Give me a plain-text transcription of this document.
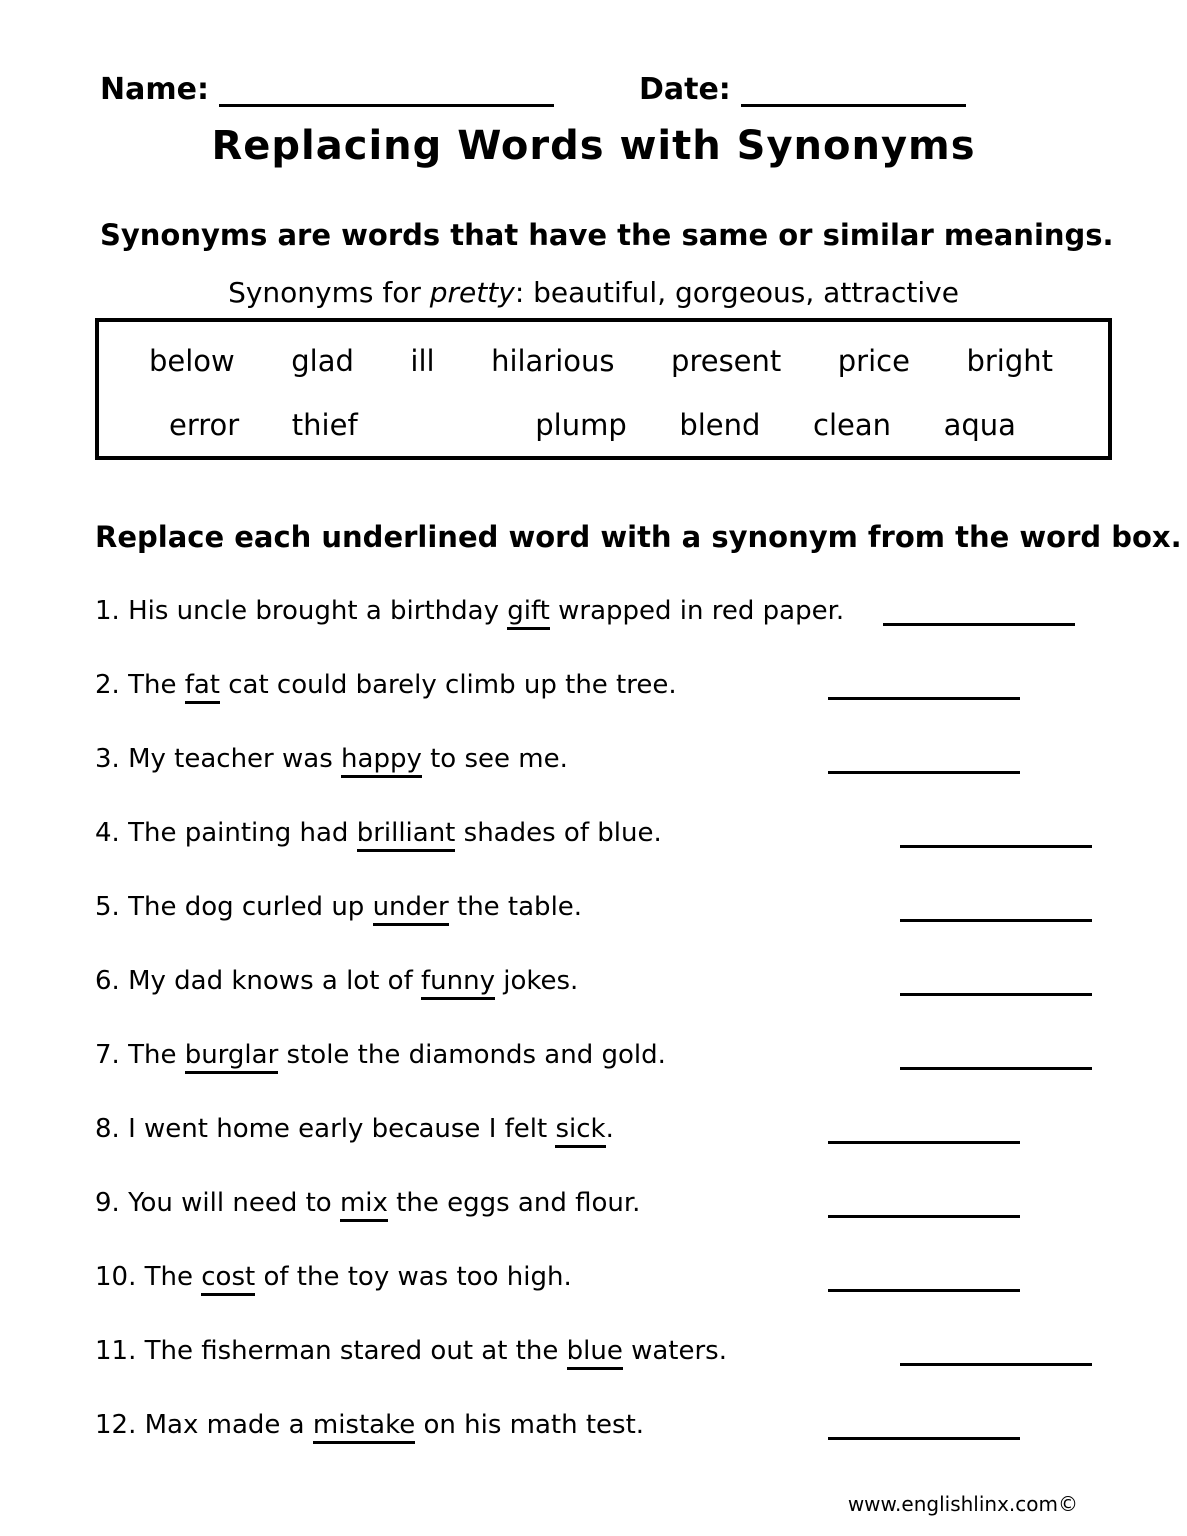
Name:	Date:
Replacing Words with Synonyms
Synonyms are words that have the same or similar meanings.
Synonyms for pretty: beautiful, gorgeous, attractive
below glad ill hilarious present price bright
error thief	plump blend clean aqua
Replace each underlined word with a synonym from the word box.
1. His uncle brought a birthday gift wrapped in red paper.
2. The fat cat could barely climb up the tree.
3. My teacher was happy to see me.
4. The painting had brilliant shades of blue.
5. The dog curled up under the table.
6. My dad knows a lot of funny jokes.
7. The burglar stole the diamonds and gold.
8. I went home early because I felt sick.
9. You will need to mix the eggs and flour.
10. The cost of the toy was too high.
11. The fisherman stared out at the blue waters.
12. Max made a mistake on his math test.
www.englishlinx.com©
